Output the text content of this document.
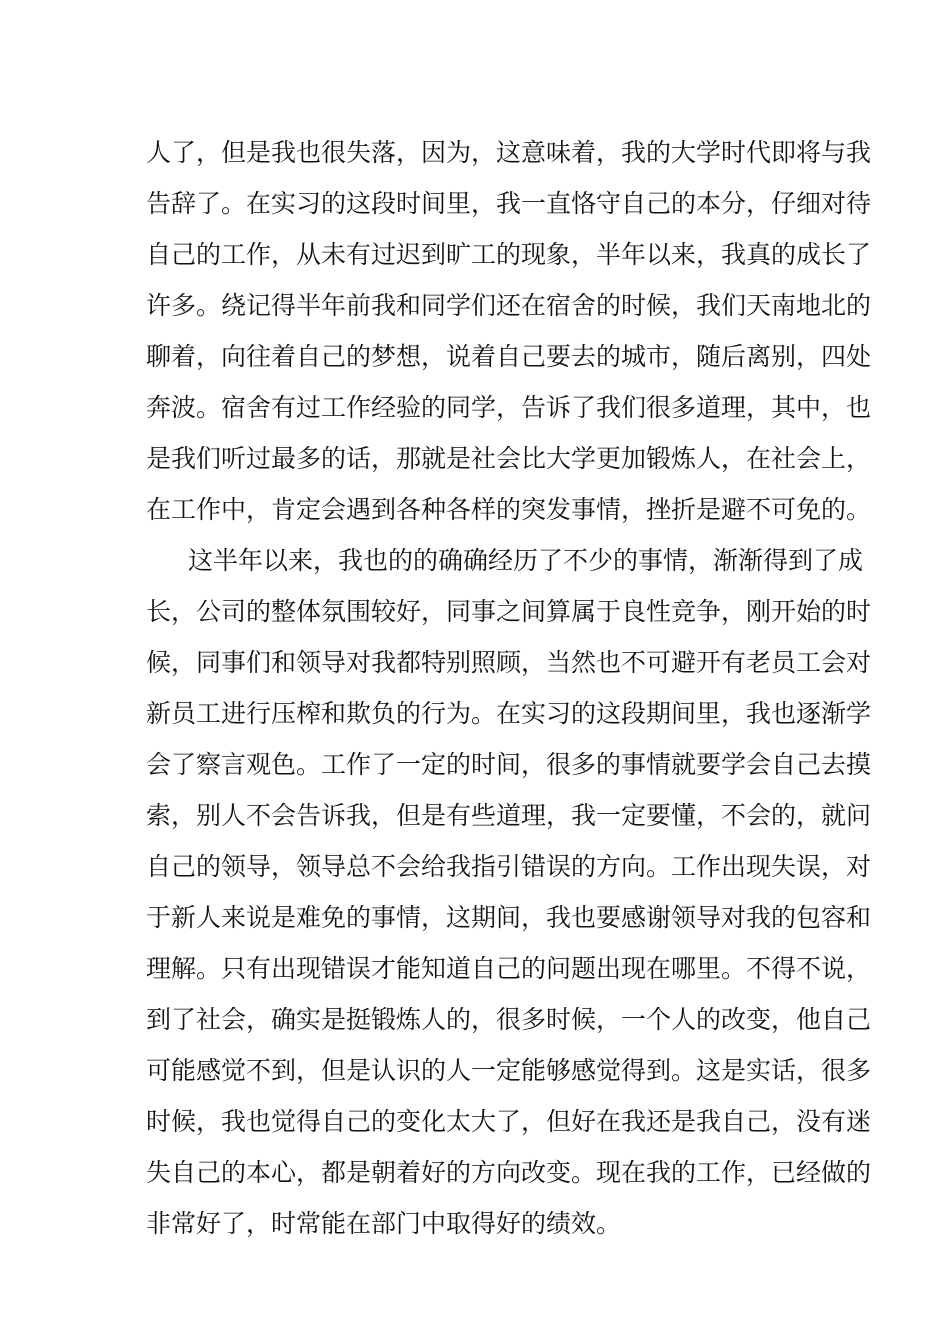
人了，但是我也很失落，因为，这意味着，我的大学时代即将与我
告辞了。在实习的这段时间里，我一直恪守自己的本分，仔细对待
自己的工作，从未有过迟到旷工的现象，半年以来，我真的成长了
许多。绕记得半年前我和同学们还在宿舍的时候，我们天南地北的
聊着，向往着自己的梦想，说着自己要去的城市，随后离别，四处
奔波。宿舍有过工作经验的同学，告诉了我们很多道理，其中，也
是我们听过最多的话，那就是社会比大学更加锻炼人，在社会上，
在工作中，肯定会遇到各种各样的突发事情，挫折是避不可免的。
这半年以来，我也的的确确经历了不少的事情，渐渐得到了成
长，公司的整体氛围较好，同事之间算属于良性竞争，刚开始的时
候，同事们和领导对我都特别照顾，当然也不可避开有老员工会对
新员工进行压榨和欺负的行为。在实习的这段期间里，我也逐渐学
会了察言观色。工作了一定的时间，很多的事情就要学会自己去摸
索，别人不会告诉我，但是有些道理，我一定要懂，不会的，就问
自己的领导，领导总不会给我指引错误的方向。工作出现失误，对
于新人来说是难免的事情，这期间，我也要感谢领导对我的包容和
理解。只有出现错误才能知道自己的问题出现在哪里。不得不说，
到了社会，确实是挺锻炼人的，很多时候，一个人的改变，他自己
可能感觉不到，但是认识的人一定能够感觉得到。这是实话，很多
时候，我也觉得自己的变化太大了，但好在我还是我自己，没有迷
失自己的本心，都是朝着好的方向改变。现在我的工作，已经做的
非常好了，时常能在部门中取得好的绩效。
